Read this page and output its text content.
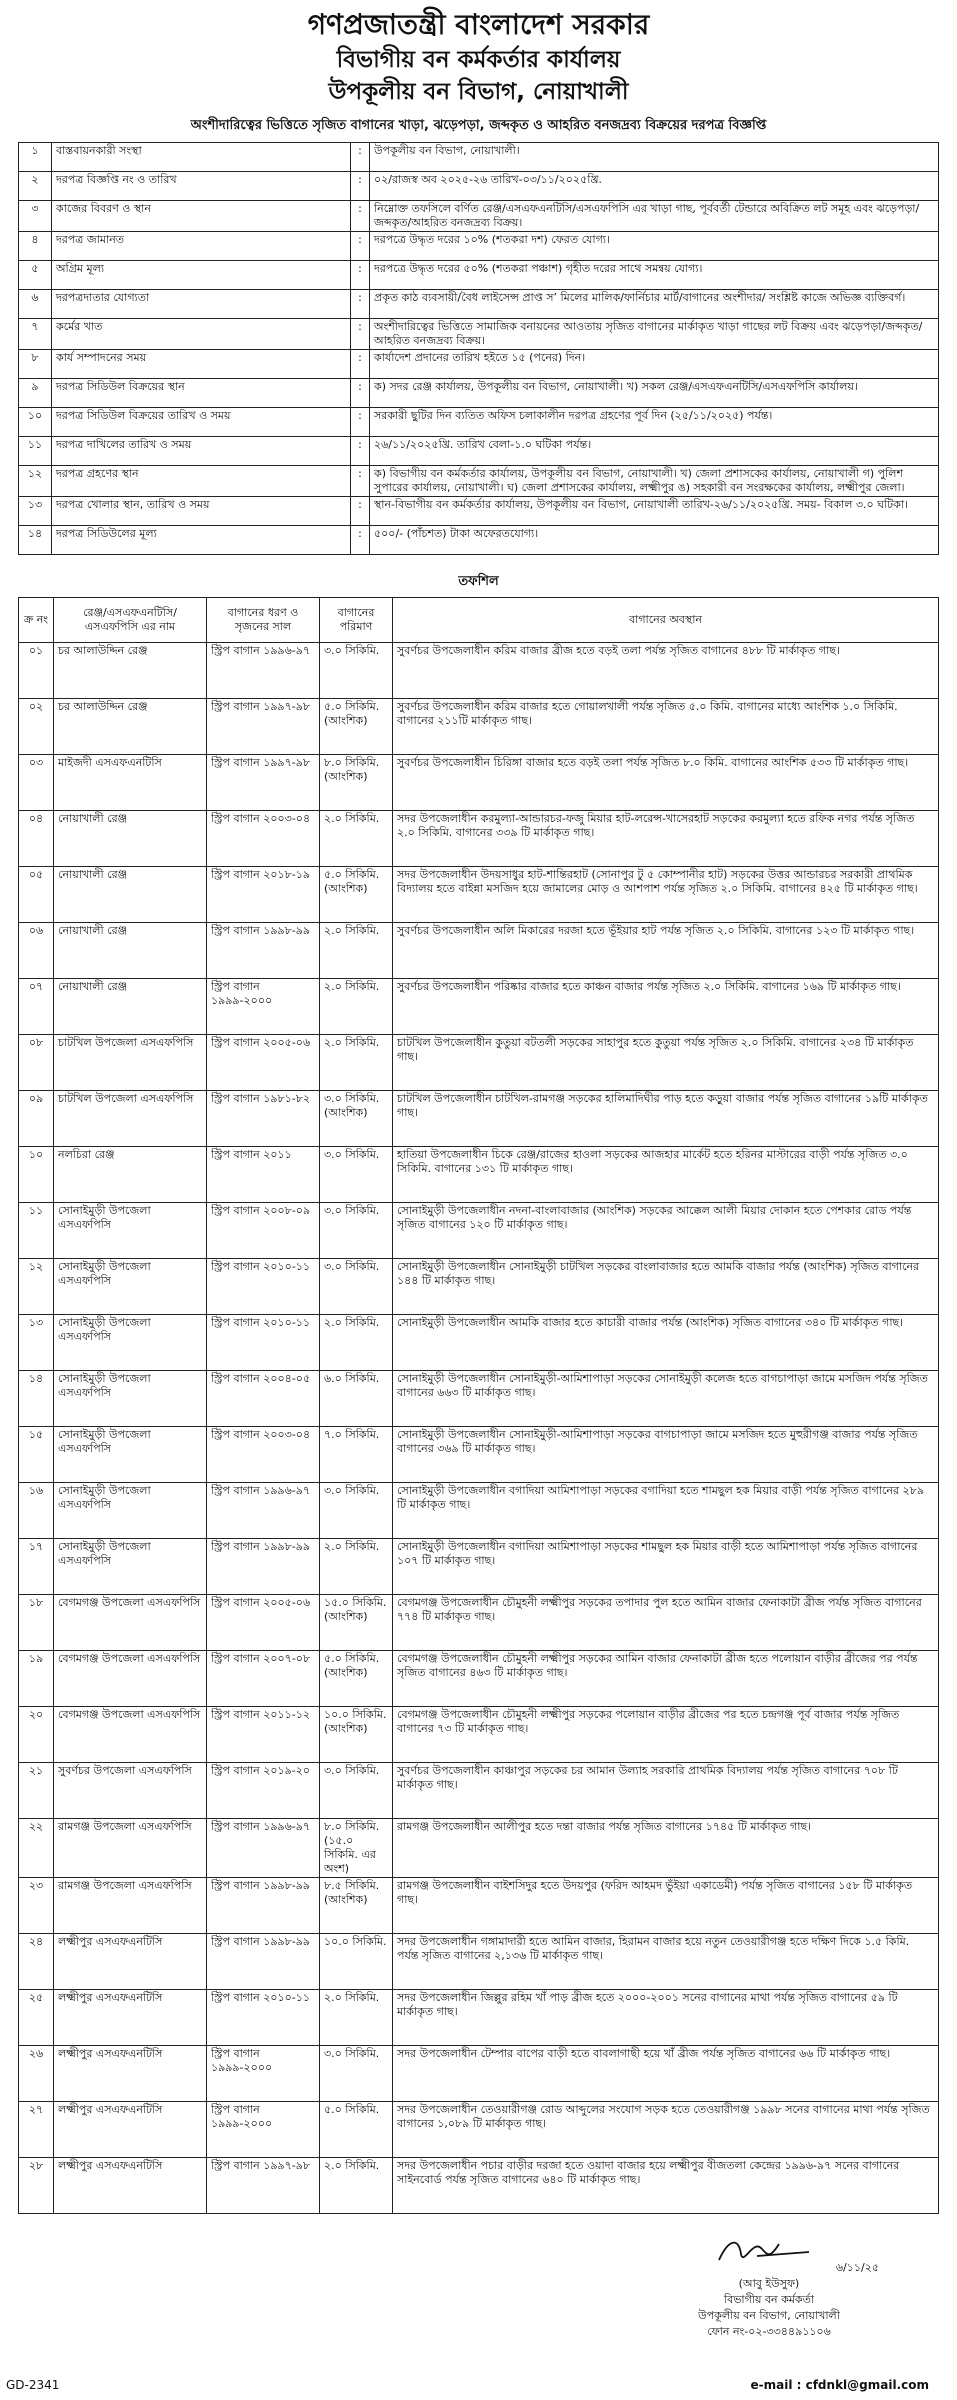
গণপ্রজাতন্ত্রী বাংলাদেশ সরকার
বিভাগীয় বন কর্মকর্তার কার্যালয়
উপকূলীয় বন বিভাগ, নোয়াখালী
অংশীদারিত্বের ভিত্তিতে সৃজিত বাগানের খাড়া, ঝড়েপড়া, জব্দকৃত ও আহরিত বনজদ্রব্য বিক্রয়ের দরপত্র বিজ্ঞপ্তি
১	বাস্তবায়নকারী সংস্থা	:	উপকূলীয় বন বিভাগ, নোয়াখালী।
২	দরপত্র বিজ্ঞপ্তি নং ও তারিখ	:	০২/রাজস্ব অব ২০২৫-২৬ তারিখ-০৩/১১/২০২৫খ্রি.
৩	কাজের বিবরণ ও স্থান	:	নিম্নোক্ত তফসিলে বর্ণিত রেঞ্জ/এসএফএনটিসি/এসএফপিসি এর খাড়া গাছ, পূর্ববর্তী টেন্ডারে অবিক্রিত লট সমূহ এবং ঝড়েপড়া/জব্দকৃত/আহরিত বনজদ্রব্য বিক্রয়।
৪	দরপত্র জামানত	:	দরপত্রে উদ্ধৃত দরের ১০% (শতকরা দশ) ফেরত যোগ্য।
৫	অগ্রিম মূল্য	:	দরপত্রে উদ্ধৃত দরের ৫০% (শতকরা পঞ্চাশ) গৃহীত দরের সাথে সমন্বয় যোগ্য।
৬	দরপত্রদাতার যোগ্যতা	:	প্রকৃত কাঠ ব্যবসায়ী/বৈধ লাইসেন্স প্রাপ্ত স’ মিলের মালিক/ফার্নিচার মার্ট/বাগানের অংশীদার/ সংশ্লিষ্ট কাজে অভিজ্ঞ ব্যক্তিবর্গ।
৭	কর্মের খাত	:	অংশীদারিত্বের ভিত্তিতে সামাজিক বনায়নের আওতায় সৃজিত বাগানের মার্কাকৃত খাড়া গাছের লট বিক্রয় এবং ঝড়েপড়া/জব্দকৃত/আহরিত বনজদ্রব্য বিক্রয়।
৮	কার্য সম্পাদনের সময়	:	কার্যাদেশ প্রদানের তারিখ হইতে ১৫ (পনের) দিন।
৯	দরপত্র সিডিউল বিক্রয়ের স্থান	:	ক) সদর রেঞ্জ কার্যালয়, উপকূলীয় বন বিভাগ, নোয়াখালী। খ) সকল রেঞ্জ/এসএফএনটিসি/এসএফপিসি কার্যালয়।
১০	দরপত্র সিডিউল বিক্রয়ের তারিখ ও সময়	:	সরকারী ছুটির দিন ব্যতিত অফিস চলাকালীন দরপত্র গ্রহণের পূর্ব দিন (২৫/১১/২০২৫) পর্যন্ত।
১১	দরপত্র দাখিলের তারিখ ও সময়	:	২৬/১১/২০২৫খ্রি. তারিখ বেলা-১.০ ঘটিকা পর্যন্ত।
১২	দরপত্র গ্রহণের স্থান	:	ক) বিভাগীয় বন কর্মকর্তার কার্যালয়, উপকূলীয় বন বিভাগ, নোয়াখালী। খ) জেলা প্রশাসকের কার্যালয়, নোয়াখালী গ) পুলিশ সুপারের কার্যালয়, নোয়াখালী। ঘ) জেলা প্রশাসকের কার্যালয়, লক্ষ্মীপুর ঙ) সহকারী বন সংরক্ষকের কার্যালয়, লক্ষ্মীপুর জেলা।
১৩	দরপত্র খোলার স্থান, তারিখ ও সময়	:	স্থান-বিভাগীয় বন কর্মকর্তার কার্যালয়, উপকূলীয় বন বিভাগ, নোয়াখালী তারিখ-২৬/১১/২০২৫খ্রি. সময়- বিকাল ৩.০ ঘটিকা।
১৪	দরপত্র সিডিউলের মূল্য	:	৫০০/- (পাঁচশত) টাকা অফেরতযোগ্য।
তফশিল
ক্র নং	রেঞ্জ/এসএফএনটিসি/ এসএফপিসি এর নাম	বাগানের ধরণ ও সৃজনের সাল	বাগানের পরিমাণ	বাগানের অবস্থান
০১	চর আলাউদ্দিন রেঞ্জ	স্ট্রিপ বাগান ১৯৯৬-৯৭	৩.০ সিকিমি.	সুবর্ণচর উপজেলাধীন করিম বাজার ব্রীজ হতে বড়ই তলা পর্যন্ত সৃজিত বাগানের ৪৮৮ টি মার্কাকৃত গাছ।
০২	চর আলাউদ্দিন রেঞ্জ	স্ট্রিপ বাগান ১৯৯৭-৯৮	৫.০ সিকিমি. (আংশিক)	সুবর্ণচর উপজেলাধীন করিম বাজার হতে গোয়ালখালী পর্যন্ত সৃজিত ৫.০ কিমি. বাগানের মাধ্যে আংশিক ১.০ সিকিমি. বাগানের ২১১টি মার্কাকৃত গাছ।
০৩	মাইজদী এসএফএনটিসি	স্ট্রিপ বাগান ১৯৯৭-৯৮	৮.০ সিকিমি. (আংশিক)	সুবর্ণচর উপজেলাধীন চিরিঙ্গা বাজার হতে বড়ই তলা পর্যন্ত সৃজিত ৮.০ কিমি. বাগানের আংশিক ৫৩৩ টি মার্কাকৃত গাছ।
০৪	নোয়াখালী রেঞ্জ	স্ট্রিপ বাগান ২০০৩-০৪	২.০ সিকিমি.	সদর উপজেলাধীন করমুল্যা-আন্ডারচর-ফজু মিয়ার হাট-লরেন্স-খাসেরহাট সড়কের করমুল্যা হতে রফিক নগর পর্যন্ত সৃজিত ২.০ সিকিমি. বাগানের ৩৩৯ টি মার্কাকৃত গাছ।
০৫	নোয়াখালী রেঞ্জ	স্ট্রিপ বাগান ২০১৮-১৯	৫.০ সিকিমি. (আংশিক)	সদর উপজেলাধীন উদয়সাধুর হাট-শান্তিরহাট (সোনাপুর টু ৫ কোম্পানীর হাট) সড়কের উত্তর আন্ডারচর সরকারী প্রাথমিক বিদ্যালয় হতে বাইন্না মসজিদ হয়ে জামালের মোড় ও আশপাশ পর্যন্ত সৃজিত ২.০ সিকিমি. বাগানের ৪২৫ টি মার্কাকৃত গাছ।
০৬	নোয়াখালী রেঞ্জ	স্ট্রিপ বাগান ১৯৯৮-৯৯	২.০ সিকিমি.	সুবর্ণচর উপজেলাধীন অলি মিকারের দরজা হতে ভূঁইয়ার হাট পর্যন্ত সৃজিত ২.০ সিকিমি. বাগানের ১২৩ টি মার্কাকৃত গাছ।
০৭	নোয়াখালী রেঞ্জ	স্ট্রিপ বাগান ১৯৯৯-২০০০	২.০ সিকিমি.	সুবর্ণচর উপজেলাধীন পরিষ্কার বাজার হতে কাঞ্চন বাজার পর্যন্ত সৃজিত ২.০ সিকিমি. বাগানের ১৬৯ টি মার্কাকৃত গাছ।
০৮	চাটখিল উপজেলা এসএফপিসি	স্ট্রিপ বাগান ২০০৫-০৬	২.০ সিকিমি.	চাটখিল উপজেলাধীন কুতুয়া বটতলী সড়কের সাহাপুর হতে কুতুয়া পর্যন্ত সৃজিত ২.০ সিকিমি. বাগানের ২৩৪ টি মার্কাকৃত গাছ।
০৯	চাটখিল উপজেলা এসএফপিসি	স্ট্রিপ বাগান ১৯৮১-৮২	৩.০ সিকিমি. (আংশিক)	চাটখিল উপজেলাধীন চাটখিল-রামগঞ্জ সড়কের হালিমাদিঘীর পাড় হতে কড়ুয়া বাজার পর্যন্ত সৃজিত বাগানের ১৯টি মার্কাকৃত গাছ।
১০	নলচিরা রেঞ্জ	স্ট্রিপ বাগান ২০১১	৩.০ সিকিমি.	হাতিয়া উপজেলাধীন চিকে রেঞ্জ/রাজের হাওলা সড়কের আজহার মার্কেট হতে হরিনর মাস্টারের বাড়ী পর্যন্ত সৃজিত ৩.০ সিকিমি. বাগানের ১৩১ টি মার্কাকৃত গাছ।
১১	সোনাইমুড়ী উপজেলা এসএফপিসি	স্ট্রিপ বাগান ২০০৮-০৯	৩.০ সিকিমি.	সোনাইমুড়ী উপজেলাধীন নদনা-বাংলাবাজার (আংশিক) সড়কের আক্কেল আলী মিয়ার দোকান হতে পেশকার রোড পর্যন্ত সৃজিত বাগানের ১২০ টি মার্কাকৃত গাছ।
১২	সোনাইমুড়ী উপজেলা এসএফপিসি	স্ট্রিপ বাগান ২০১০-১১	৩.০ সিকিমি.	সোনাইমুড়ী উপজেলাধীন সোনাইমুড়ী চাটখিল সড়কের বাংলাবাজার হতে আমকি বাজার পর্যন্ত (আংশিক) সৃজিত বাগানের ১৪৪ টি মার্কাকৃত গাছ।
১৩	সোনাইমুড়ী উপজেলা এসএফপিসি	স্ট্রিপ বাগান ২০১০-১১	২.০ সিকিমি.	সোনাইমুড়ী উপজেলাধীন আমকি বাজার হতে কাচারী বাজার পর্যন্ত (আংশিক) সৃজিত বাগানের ৩৪০ টি মার্কাকৃত গাছ।
১৪	সোনাইমুড়ী উপজেলা এসএফপিসি	স্ট্রিপ বাগান ২০০৪-০৫	৬.০ সিকিমি.	সোনাইমুড়ী উপজেলাধীন সোনাইমুড়ী-আমিশাপাড়া সড়কের সোনাইমুড়ী কলেজ হতে বাগচাপাড়া জামে মসজিদ পর্যন্ত সৃজিত বাগানের ৬৬৩ টি মার্কাকৃত গাছ।
১৫	সোনাইমুড়ী উপজেলা এসএফপিসি	স্ট্রিপ বাগান ২০০৩-০৪	৭.০ সিকিমি.	সোনাইমুড়ী উপজেলাধীন সোনাইমুড়ী-আমিশাপাড়া সড়কের বাগচাপাড়া জামে মসজিদ হতে মুহুরীগঞ্জ বাজার পর্যন্ত সৃজিত বাগানের ৩৬৯ টি মার্কাকৃত গাছ।
১৬	সোনাইমুড়ী উপজেলা এসএফপিসি	স্ট্রিপ বাগান ১৯৯৬-৯৭	৩.০ সিকিমি.	সোনাইমুড়ী উপজেলাধীন বগাদিয়া আমিশাপাড়া সড়কের বগাদিয়া হতে শামছুল হক মিয়ার বাড়ী পর্যন্ত সৃজিত বাগানের ২৮৯ টি মার্কাকৃত গাছ।
১৭	সোনাইমুড়ী উপজেলা এসএফপিসি	স্ট্রিপ বাগান ১৯৯৮-৯৯	২.০ সিকিমি.	সোনাইমুড়ী উপজেলাধীন বগাদিয়া আমিশাপাড়া সড়কের শামছুল হক মিয়ার বাড়ী হতে আমিশাপাড়া পর্যন্ত সৃজিত বাগানের ১০৭ টি মার্কাকৃত গাছ।
১৮	বেগমগঞ্জ উপজেলা এসএফপিসি	স্ট্রিপ বাগান ২০০৫-০৬	১৫.০ সিকিমি. (আংশিক)	বেগমগঞ্জ উপজেলাধীন চৌমুহনী লক্ষ্মীপুর সড়কের তপাদার পুল হতে আমিন বাজার ফেনাকাটা ব্রীজ পর্যন্ত সৃজিত বাগানের ৭৭৪ টি মার্কাকৃত গাছ।
১৯	বেগমগঞ্জ উপজেলা এসএফপিসি	স্ট্রিপ বাগান ২০০৭-০৮	৫.০ সিকিমি. (আংশিক)	বেগমগঞ্জ উপজেলাধীন চৌমুহনী লক্ষ্মীপুর সড়কের আমিন বাজার ফেনাকাটা ব্রীজ হতে পলোয়ান বাড়ীর ব্রীজের পর পর্যন্ত সৃজিত বাগানের ৪৬৩ টি মার্কাকৃত গাছ।
২০	বেগমগঞ্জ উপজেলা এসএফপিসি	স্ট্রিপ বাগান ২০১১-১২	১০.০ সিকিমি. (আংশিক)	বেগমগঞ্জ উপজেলাধীন চৌমুহনী লক্ষ্মীপুর সড়কের পলোয়ান বাড়ীর ব্রীজের পর হতে চন্দ্রগঞ্জ পূর্ব বাজার পর্যন্ত সৃজিত বাগানের ৭৩ টি মার্কাকৃত গাছ।
২১	সুবর্ণচর উপজেলা এসএফপিসি	স্ট্রিপ বাগান ২০১৯-২০	৩.০ সিকিমি.	সুবর্ণচর উপজেলাধীন কাঞ্চাপুর সড়কের চর আমান উল্যাহ সরকারি প্রাথমিক বিদ্যালয় পর্যন্ত সৃজিত বাগানের ৭০৮ টি মার্কাকৃত গাছ।
২২	রামগঞ্জ উপজেলা এসএফপিসি	স্ট্রিপ বাগান ১৯৯৬-৯৭	৮.০ সিকিমি. (১৫.০ সিকিমি. এর অংশ)	রামগঞ্জ উপজেলাধীন আলীপুর হতে দন্তা বাজার পর্যন্ত সৃজিত বাগানের ১৭৪৫ টি মার্কাকৃত গাছ।
২৩	রামগঞ্জ উপজেলা এসএফপিসি	স্ট্রিপ বাগান ১৯৯৮-৯৯	৮.৫ সিকিমি. (আংশিক)	রামগঞ্জ উপজেলাধীন বাইশসিদুর হতে উদয়পুর (ফরিদ আহমদ ভুঁইয়া একাডেমী) পর্যন্ত সৃজিত বাগানের ১৫৮ টি মার্কাকৃত গাছ।
২৪	লক্ষ্মীপুর এসএফএনটিসি	স্ট্রিপ বাগান ১৯৯৮-৯৯	১০.০ সিকিমি.	সদর উপজেলাধীন গঙ্গামাদারী হতে আমিন বাজার, হিরামন বাজার হয়ে নতুন তেওয়ারীগঞ্জ হতে দক্ষিণ দিকে ১.৫ কিমি. পর্যন্ত সৃজিত বাগানের ২,১৩৬ টি মার্কাকৃত গাছ।
২৫	লক্ষ্মীপুর এসএফএনটিসি	স্ট্রিপ বাগান ২০১০-১১	২.০ সিকিমি.	সদর উপজেলাধীন জিল্লুর রহিম খাঁ পাড় ব্রীজ হতে ২০০০-২০০১ সনের বাগানের মাথা পর্যন্ত সৃজিত বাগানের ৫৯ টি মার্কাকৃত গাছ।
২৬	লক্ষ্মীপুর এসএফএনটিসি	স্ট্রিপ বাগান ১৯৯৯-২০০০	৩.০ সিকিমি.	সদর উপজেলাধীন টেম্পার বাপের বাড়ী হতে বাবলাগাছী হয়ে খাঁ ব্রীজ পর্যন্ত সৃজিত বাগানের ৬৬ টি মার্কাকৃত গাছ।
২৭	লক্ষ্মীপুর এসএফএনটিসি	স্ট্রিপ বাগান ১৯৯৯-২০০০	৫.০ সিকিমি.	সদর উপজেলাধীন তেওয়ারীগঞ্জ রোড আব্দুলের সংযোগ সড়ক হতে তেওয়ারীগঞ্জ ১৯৯৮ সনের বাগানের মাথা পর্যন্ত সৃজিত বাগানের ১,০৮৯ টি মার্কাকৃত গাছ।
২৮	লক্ষ্মীপুর এসএফএনটিসি	স্ট্রিপ বাগান ১৯৯৭-৯৮	২.০ সিকিমি.	সদর উপজেলাধীন পচার বাড়ীর দরজা হতে ওয়াদা বাজার হয়ে লক্ষ্মীপুর বীজতলা কেন্দ্রের ১৯৯৬-৯৭ সনের বাগানের সাইনবোর্ড পর্যন্ত সৃজিত বাগানের ৬৪০ টি মার্কাকৃত গাছ।
৬/১১/২৫
(আবু ইউসুফ)
বিভাগীয় বন কর্মকর্তা
উপকূলীয় বন বিভাগ, নোয়াখালী
ফোন নং-০২-৩৩৪৪৯১১০৬
e-mail : cfdnkl@gmail.com
GD-2341
